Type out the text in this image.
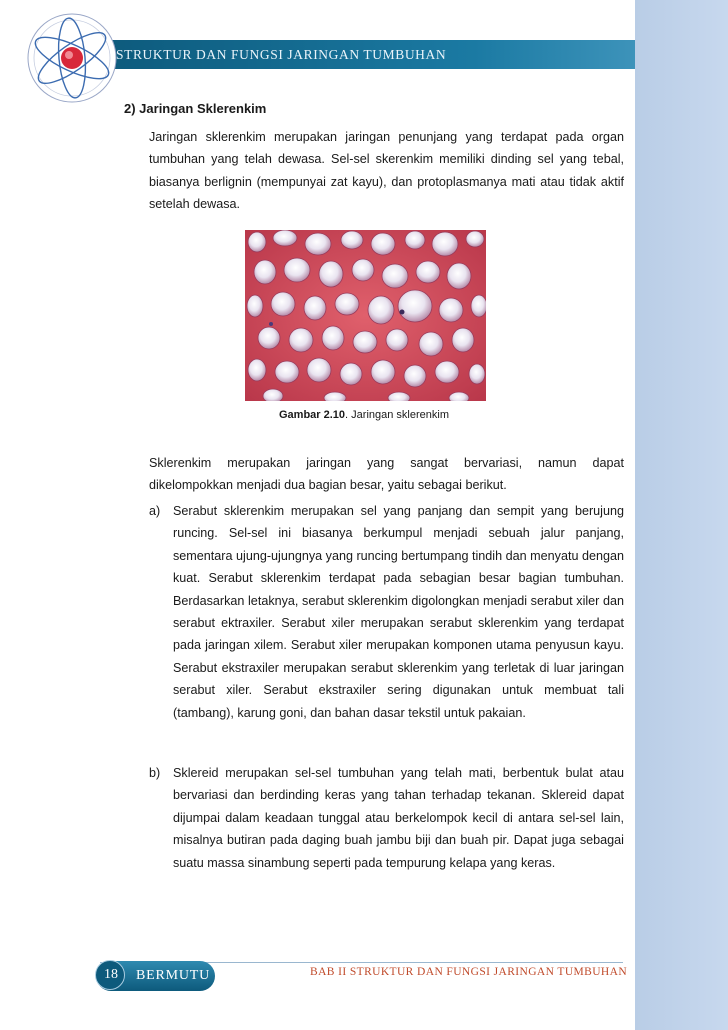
STRUKTUR DAN FUNGSI JARINGAN TUMBUHAN
2) Jaringan Sklerenkim
Jaringan sklerenkim merupakan jaringan penunjang yang terdapat pada organ tumbuhan yang telah dewasa. Sel-sel skerenkim memiliki dinding sel yang tebal, biasanya berlignin (mempunyai zat kayu), dan protoplasmanya mati atau tidak aktif setelah dewasa.
Gambar 2.10. Jaringan sklerenkim
Sklerenkim merupakan jaringan yang sangat bervariasi, namun dapat dikelompokkan menjadi dua bagian besar, yaitu sebagai berikut.
a) Serabut sklerenkim merupakan sel yang panjang dan sempit yang berujung runcing. Sel-sel ini biasanya berkumpul menjadi sebuah jalur panjang, sementara ujung-ujungnya yang runcing bertumpang tindih dan menyatu dengan kuat. Serabut sklerenkim terdapat pada sebagian besar bagian tumbuhan. Berdasarkan letaknya, serabut sklerenkim digolongkan menjadi serabut xiler dan serabut ektraxiler. Serabut xiler merupakan serabut sklerenkim yang terdapat pada jaringan xilem. Serabut xiler merupakan komponen utama penyusun kayu. Serabut ekstraxiler merupakan serabut sklerenkim yang terletak di luar jaringan serabut xiler. Serabut ekstraxiler sering digunakan untuk membuat tali (tambang), karung goni, dan bahan dasar tekstil untuk pakaian.
b) Sklereid merupakan sel-sel tumbuhan yang telah mati, berbentuk bulat atau bervariasi dan berdinding keras yang tahan terhadap tekanan. Sklereid dapat dijumpai dalam keadaan tunggal atau berkelompok kecil di antara sel-sel lain, misalnya butiran pada daging buah jambu biji dan buah pir. Dapat juga sebagai suatu massa sinambung seperti pada tempurung kelapa yang keras.
18	BERMUTU	BAB II STRUKTUR DAN FUNGSI JARINGAN TUMBUHAN
